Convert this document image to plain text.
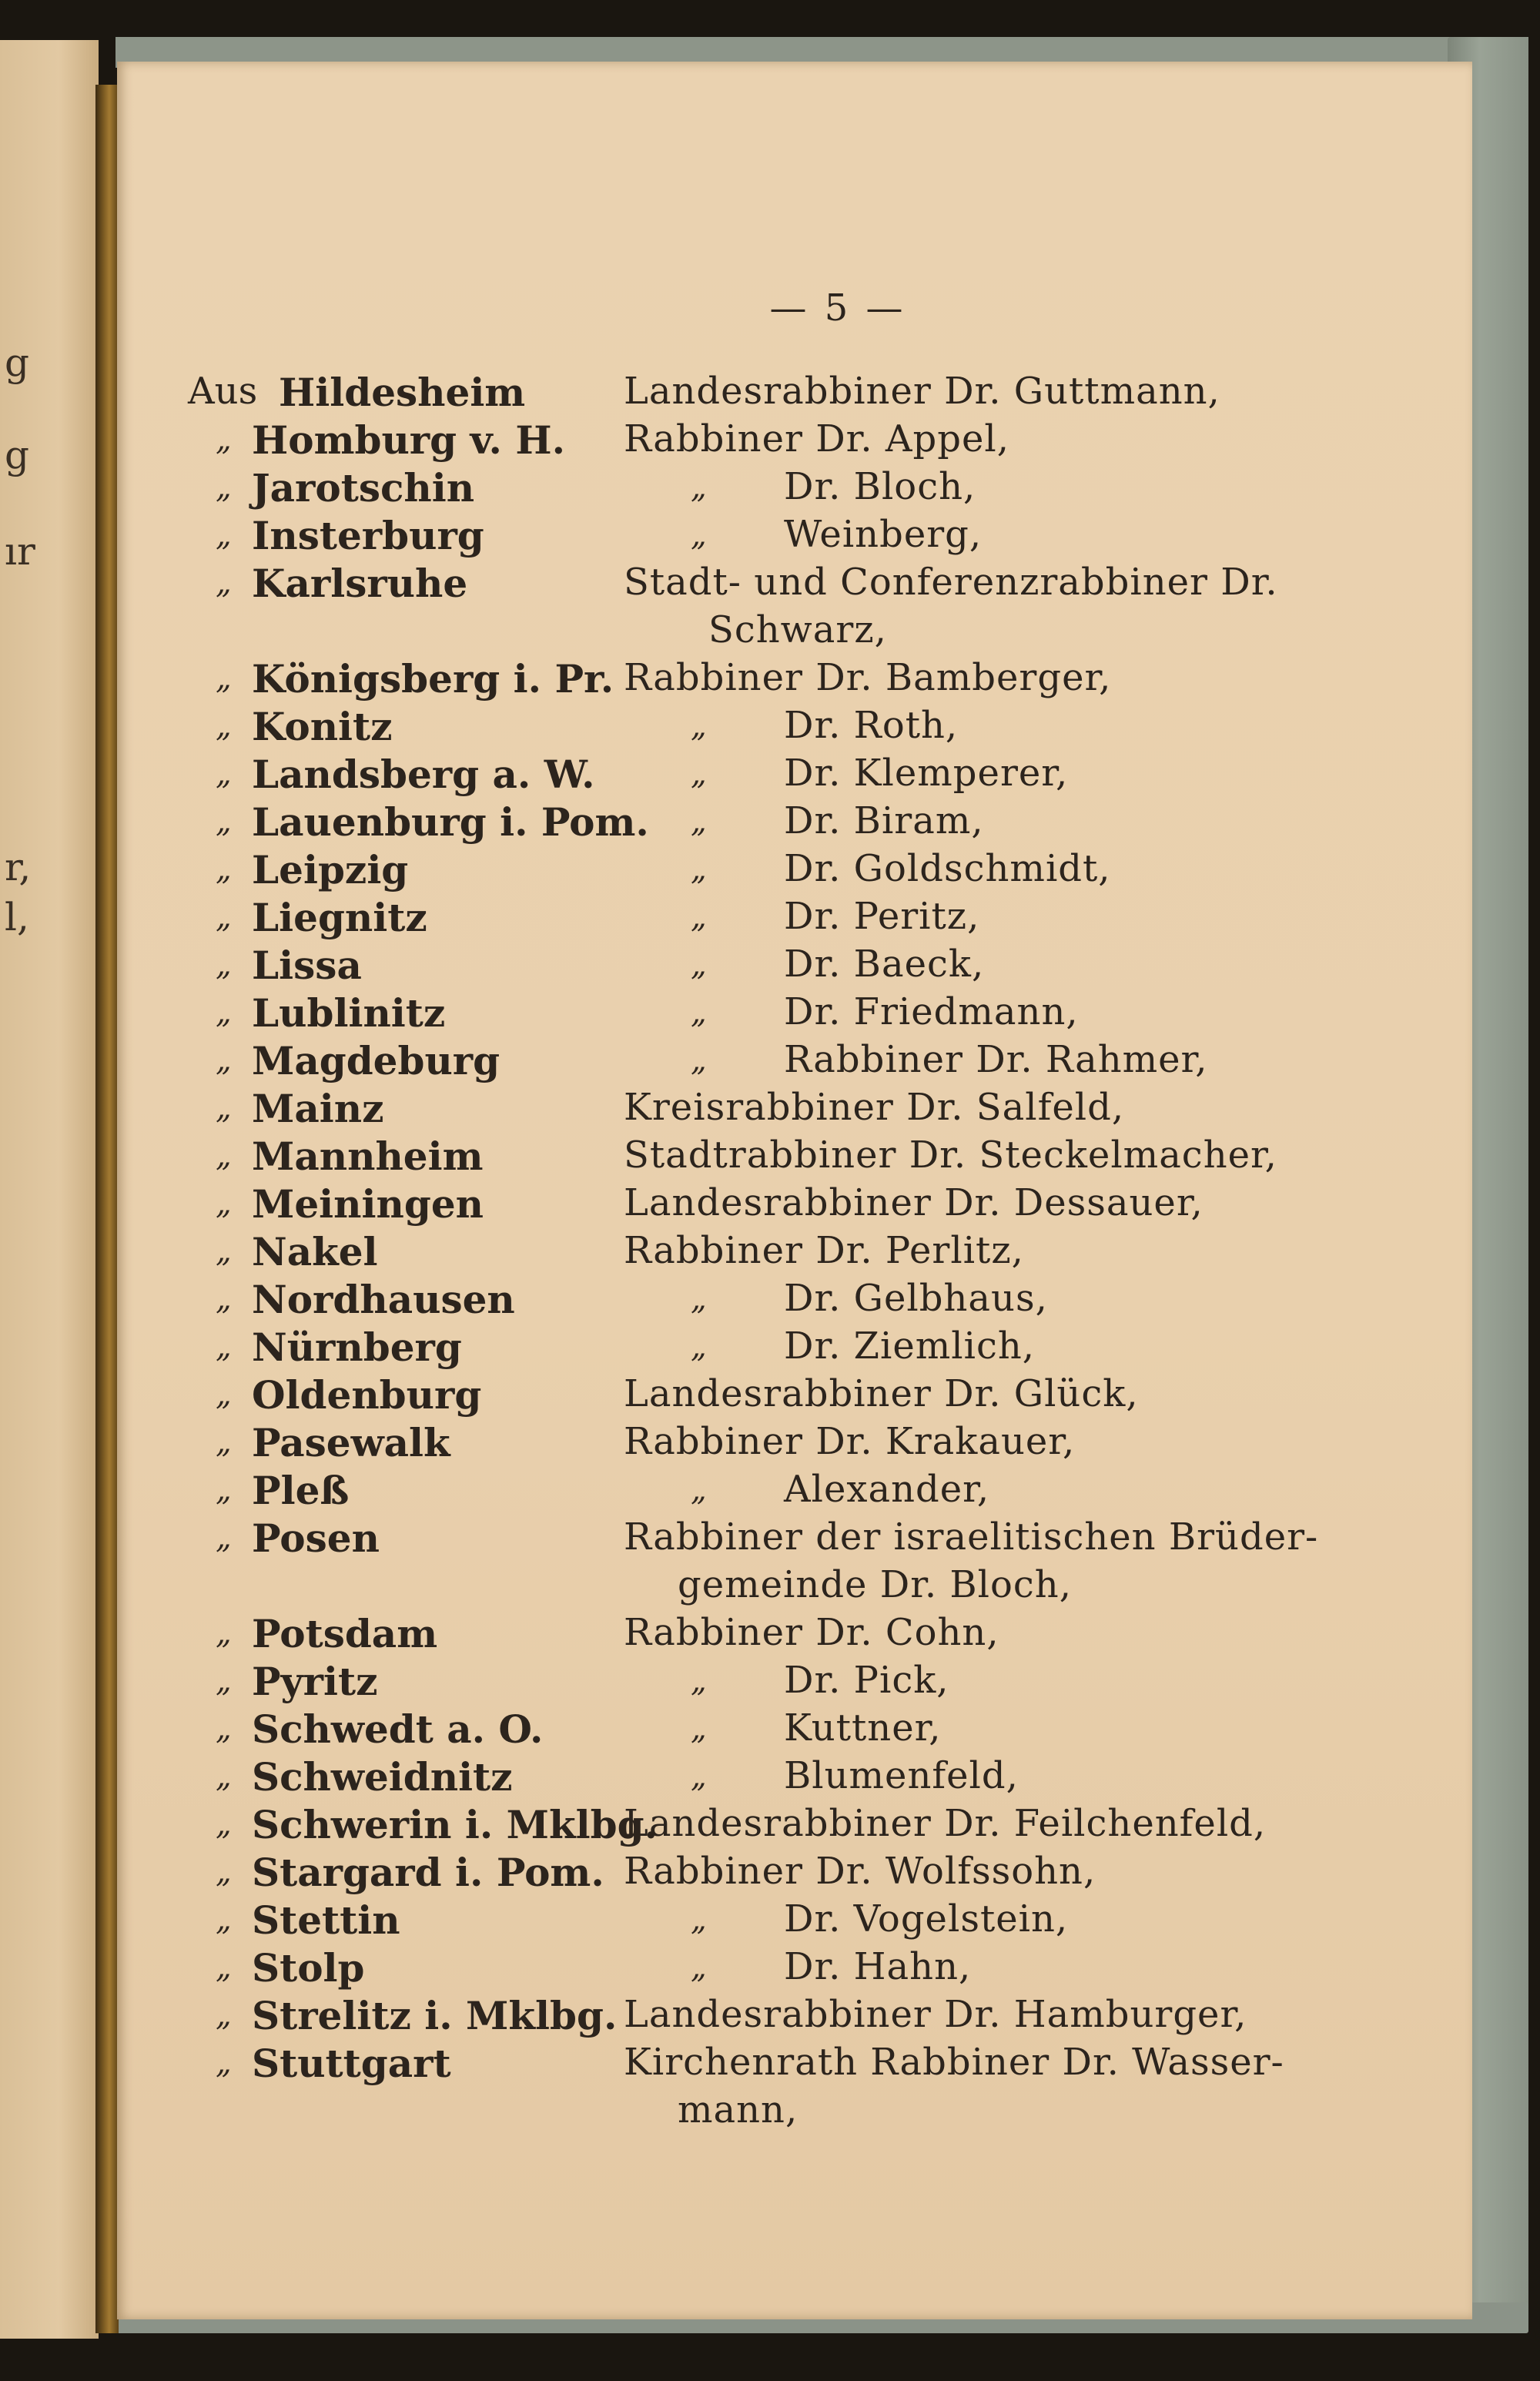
g
g
ır
r,
l,
— 5 —
Aus Hildesheim	Landesrabbiner Dr. Guttmann,
„ Homburg v. H. Rabbiner Dr. Appel,
„ Jarotschin	„ Dr. Bloch,
„ Insterburg	„ Weinberg,
„ Karlsruhe	Stadt- und Conferenzrabbiner Dr.
Schwarz,
„ Königsberg i. Pr. Rabbiner Dr. Bamberger,
„ Konitz	„ Dr. Roth,
„ Landsberg a. W.	„ Dr. Klemperer,
„ Lauenburg i. Pom. „ Dr. Biram,
„ Leipzig	„ Dr. Goldschmidt,
„ Liegnitz	„ Dr. Peritz,
„ Lissa	„ Dr. Baeck,
„ Lublinitz	„ Dr. Friedmann,
„ Magdeburg	„ Rabbiner Dr. Rahmer,
„ Mainz	Kreisrabbiner Dr. Salfeld,
„ Mannheim	Stadtrabbiner Dr. Steckelmacher,
„ Meiningen	Landesrabbiner Dr. Dessauer,
„ Nakel	Rabbiner Dr. Perlitz,
„ Nordhausen	„ Dr. Gelbhaus,
„ Nürnberg	„ Dr. Ziemlich,
„ Oldenburg	Landesrabbiner Dr. Glück,
„ Pasewalk	Rabbiner Dr. Krakauer,
„ Pleß	„ Alexander,
„ Posen	Rabbiner der israelitischen Brüder-
gemeinde Dr. Bloch,
„ Potsdam	Rabbiner Dr. Cohn,
„ Pyritz	„ Dr. Pick,
„ Schwedt a. O.	„ Kuttner,
„ Schweidnitz	„ Blumenfeld,
„ Schwerin i. Mklbg.
Landesrabbiner Dr. Feilchenfeld,
„ Stargard i. Pom. Rabbiner Dr. Wolfssohn,
„ Stettin	„ Dr. Vogelstein,
„ Stolp	„ Dr. Hahn,
„ Strelitz i. Mklbg. Landesrabbiner Dr. Hamburger,
„ Stuttgart	Kirchenrath Rabbiner Dr. Wasser-
mann,
